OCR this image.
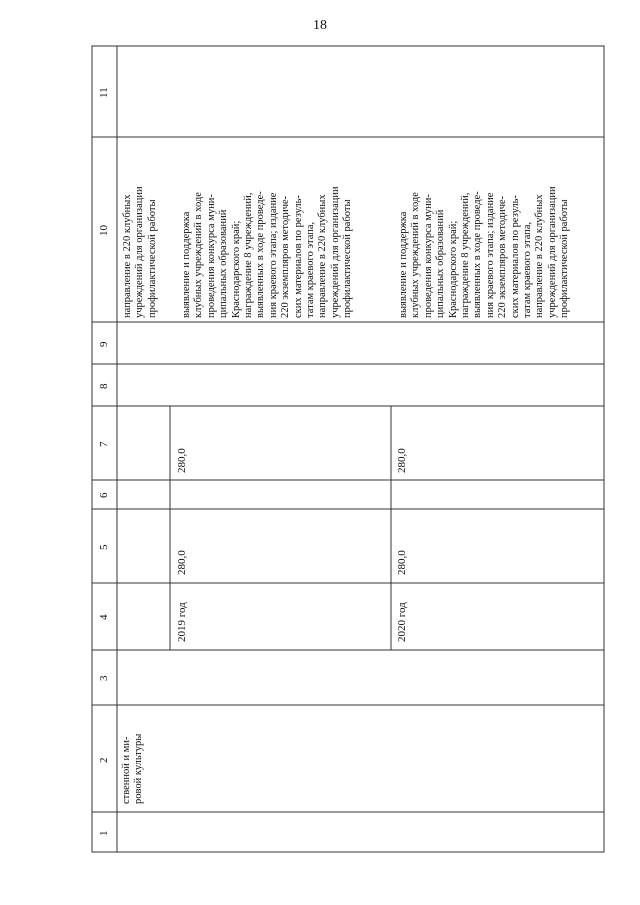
18
1
2
3
4
5
6
7
8
9
10
11
ственной и ми-
ровой культуры
направление в 220 клубных
учреждений для организации
профилактической работы
2019 год
280,0
280,0
выявление и поддержка
клубных учреждений в ходе
проведения конкурса муни-
ципальных образований
Краснодарского край;
награждение 8 учреждений,
выявленных в ходе проведе-
ния краевого этапа; издание
220 экземпляров методиче-
ских материалов по резуль-
татам краевого этапа,
направление в 220 клубных
учреждений для организации
профилактической работы
2020 год
280,0
280,0
выявление и поддержка
клубных учреждений в ходе
проведения конкурса муни-
ципальных образований
Краснодарского край;
награждение 8 учреждений,
выявленных в ходе проведе-
ния краевого этапа; издание
220 экземпляров методиче-
ских материалов по резуль-
татам краевого этапа,
направление в 220 клубных
учреждений для организации
профилактической работы
